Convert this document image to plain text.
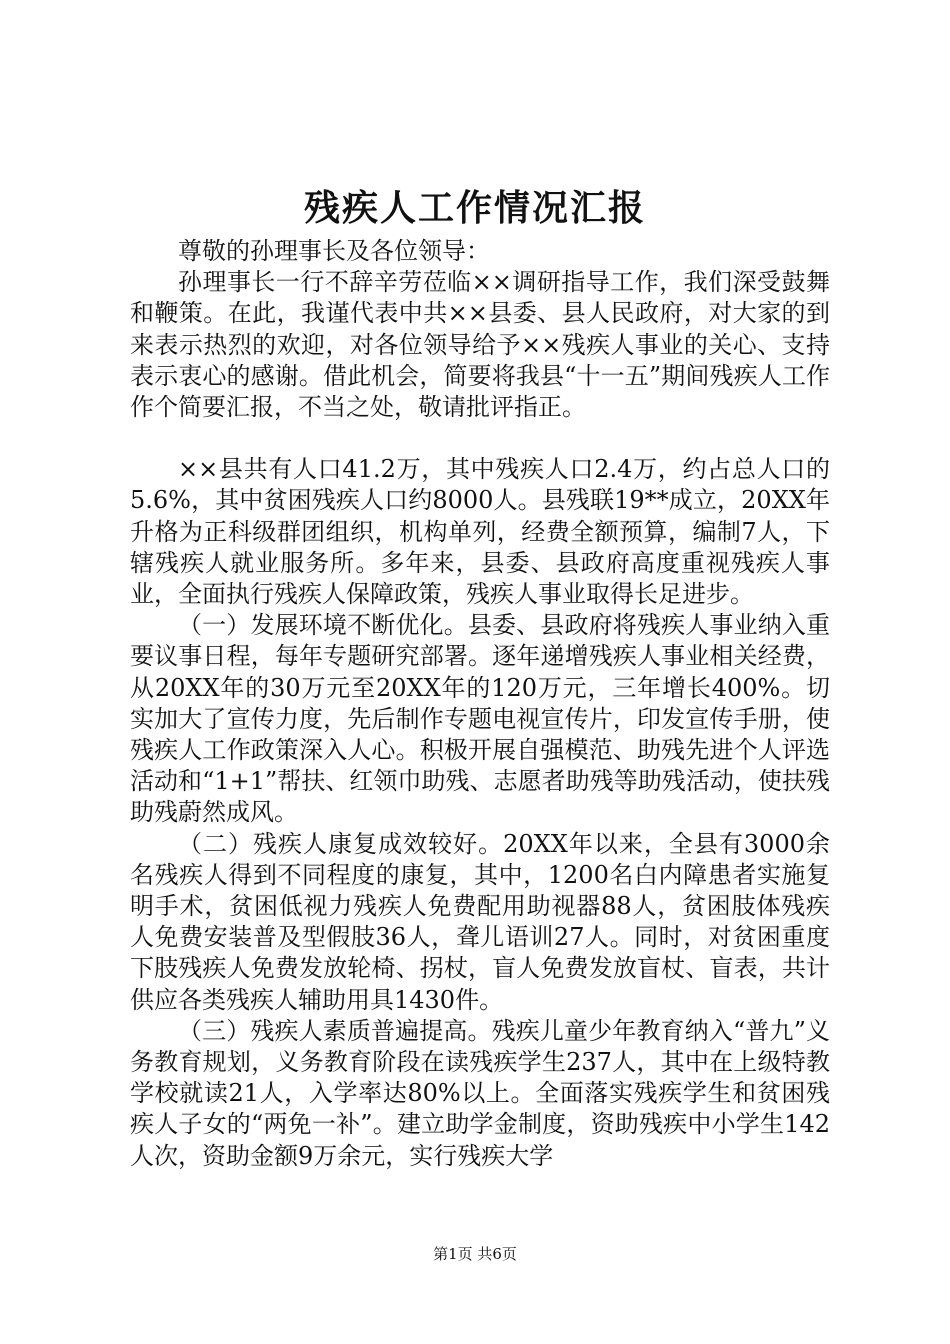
残疾人工作情况汇报

尊敬的孙理事长及各位领导：

孙理事长一行不辞辛劳莅临××调研指导工作，我们深受鼓舞和鞭策。在此，我谨代表中共××县委、县人民政府，对大家的到来表示热烈的欢迎，对各位领导给予××残疾人事业的关心、支持表示衷心的感谢。借此机会，简要将我县“十一五”期间残疾人工作作个简要汇报，不当之处，敬请批评指正。

××县共有人口41.2万，其中残疾人口2.4万，约占总人口的5.6%，其中贫困残疾人口约8000人。县残联19**成立，20XX年升格为正科级群团组织，机构单列，经费全额预算，编制7人，下辖残疾人就业服务所。多年来，县委、县政府高度重视残疾人事业，全面执行残疾人保障政策，残疾人事业取得长足进步。

（一）发展环境不断优化。县委、县政府将残疾人事业纳入重要议事日程，每年专题研究部署。逐年递增残疾人事业相关经费，从20XX年的30万元至20XX年的120万元，三年增长400%。切实加大了宣传力度，先后制作专题电视宣传片，印发宣传手册，使残疾人工作政策深入人心。积极开展自强模范、助残先进个人评选活动和“1+1”帮扶、红领巾助残、志愿者助残等助残活动，使扶残助残蔚然成风。

（二）残疾人康复成效较好。20XX年以来，全县有3000余名残疾人得到不同程度的康复，其中，1200名白内障患者实施复明手术，贫困低视力残疾人免费配用助视器88人，贫困肢体残疾人免费安装普及型假肢36人，聋儿语训27人。同时，对贫困重度下肢残疾人免费发放轮椅、拐杖，盲人免费发放盲杖、盲表，共计供应各类残疾人辅助用具1430件。

（三）残疾人素质普遍提高。残疾儿童少年教育纳入“普九”义务教育规划，义务教育阶段在读残疾学生237人，其中在上级特教学校就读21人，入学率达80%以上。全面落实残疾学生和贫困残疾人子女的“两免一补”。建立助学金制度，资助残疾中小学生142人次，资助金额9万余元，实行残疾大学

第1页 共6页
